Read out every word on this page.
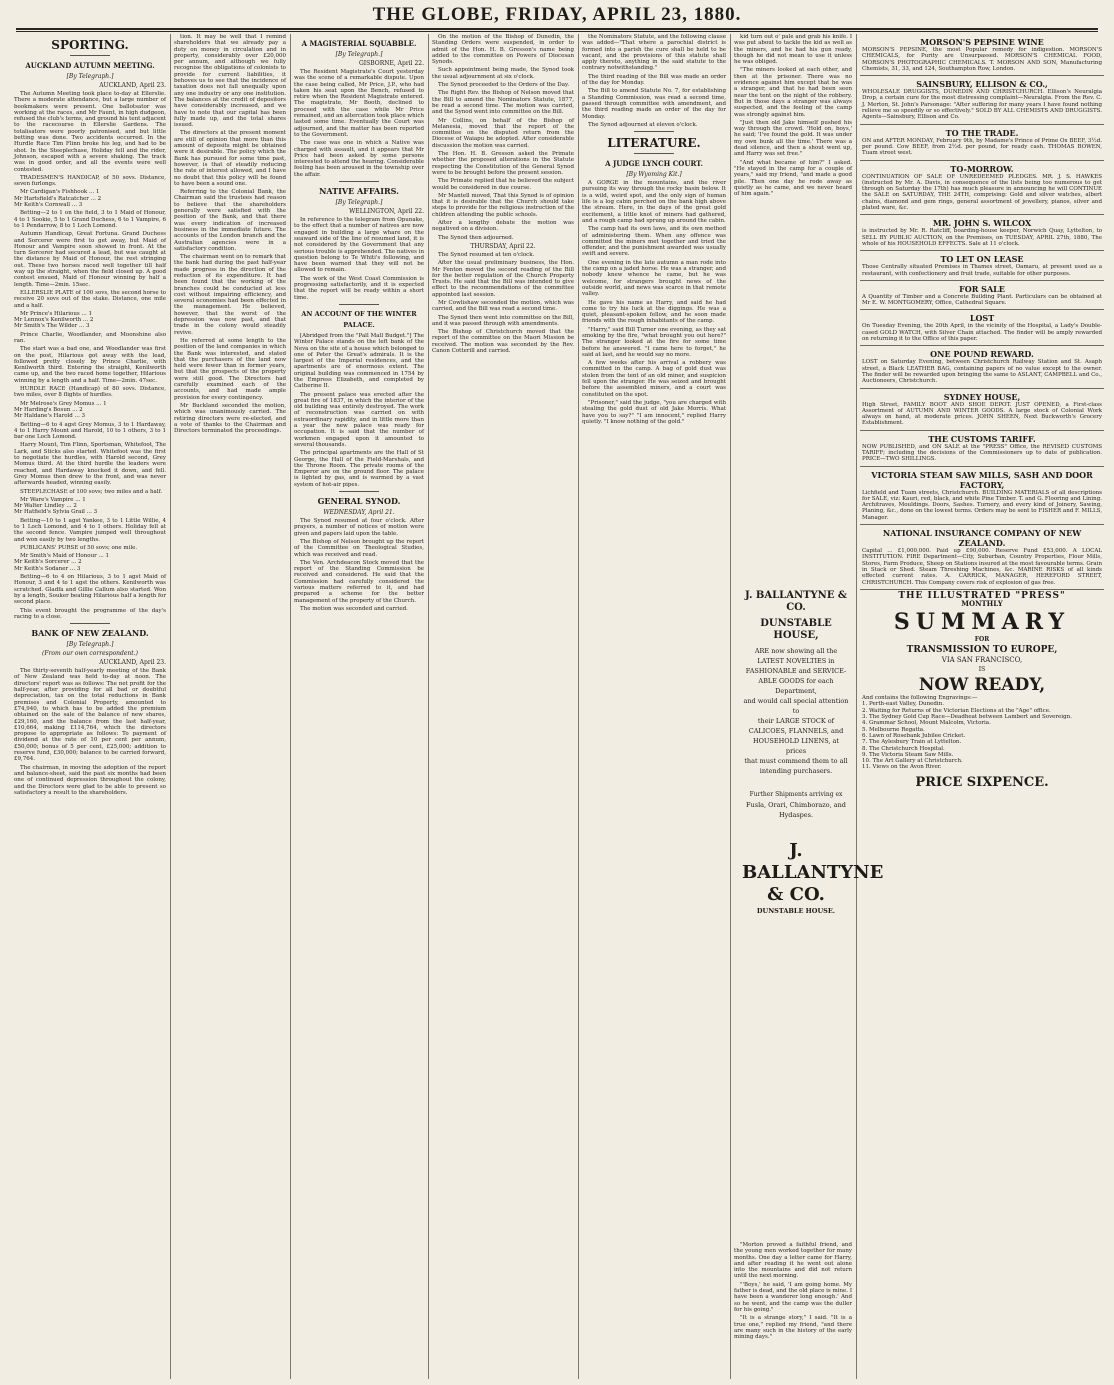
THE GLOBE, FRIDAY, APRIL 23, 1880.
SPORTING.
AUCKLAND AUTUMN MEETING.
[By Telegraph.]
AUCKLAND, April 23.
The Autumn Meeting took place to-day at Ellerslie. There a moderate attendance, but a large number of bookmakers were present. One ballotsator was working at the races, and Mr Faunt, in high dudgeon, refused the club's terms, and ground his tent adjacent to the racecourse in Ellerslie Gardens. The totalisators were poorly patronised, and but little betting was done. Two accidents occurred. In the Hurdle Race Tim Flinn broke his leg, and had to be shot. In the Steeplechase, Holiday fell and the rider, Johnson, escaped with a severe shaking. The track was in good order, and all the events were well contested.
TRADESMEN'S HANDICAP, of 50 sovs. Distance, seven furlongs.
Mr Cardigan's Fishhook ... 1
Mr Hartsfield's Ratcatcher ... 2
Mr Keith's Cornwall ... 3
Betting—2 to 1 on the field, 3 to 1 Maid of Honour, 4 to 1 Sookie, 5 to 1 Grand Duchess, 6 to 1 Vampire, 6 to 1 Pendarrow, 8 to 1 Loch Lomond.
Autumn Handicap, Great Fortuna. Grand Duchess and Sorcerer were first to get away, but Maid of Honour and Vampire soon showed in front. At the turn Sorcerer had secured a lead, but was caught at the distance by Maid of Honour, the rest stringing out. These two horses raced well together till half way up the straight, when the field closed up. A good contest ensued, Maid of Honour winning by half a length. Time—2min. 15sec.
ELLERSLIE PLATE of 100 sovs, the second horse to receive 20 sovs out of the stake. Distance, one mile and a half.
Mr Prince's Hilarious ... 1
Mr Lennox's Kenilworth ... 2
Mr Smith's The Wilder ... 3
Prince Charlie, Woodlander, and Moonshine also ran.
The start was a bad one, and Woodlander was first on the post, Hilarious got away with the lead, followed pretty closely by Prince Charlie, with Kenilworth third. Entering the straight, Kenilworth came up, and the two raced home together, Hilarious winning by a length and a half. Time—2min. 47sec.
HURDLE RACE (Handicap) of 80 sovs. Distance, two miles, over 8 flights of hurdles.
Mr Melrose's Grey Momus ... 1
Mr Harding's Bosun ... 2
Mr Haldane's Harold ... 3
Betting—6 to 4 agst Grey Momus, 3 to 1 Hardaway, 4 to 1 Harry Mount and Harold, 10 to 1 others, 3 to 1 bar one Loch Lomond.
Harry Mount, Tim Flinn, Sportsman, Whitefoot, The Lark, and Sticks also started. Whitefoot was the first to negotiate the hurdles, with Harold second, Grey Momus third. At the third hurdle the leaders were reached, and Hardaway knocked it down, and fell. Grey Momus then drew to the front, and was never afterwards headed, winning easily.
STEEPLECHASE of 100 sovs; two miles and a half.
Mr Ware's Vampire ... 1
Mr Walter Lindley ... 2
Mr Hatfield's Sylvia Grail ... 3
Betting—10 to 1 agst Yankee, 3 to 1 Little Willie, 4 to 1 Loch Lomond, and 4 to 1 others. Holiday fell at the second fence. Vampire jumped well throughout and won easily by two lengths.
PUBLICANS' PURSE of 50 sovs; one mile.
Mr Smith's Maid of Honour ... 1
Mr Keith's Sorcerer ... 2
Mr Keith's Sodaner ... 3
Betting—6 to 4 on Hilarious, 3 to 1 agst Maid of Honour, 3 and 4 to 1 agst the others. Kenilworth was scratched. Gladfa and Gillie Callum also started. Won by a length, Souker beating Hilarious half a length for second place.
This event brought the programme of the day's racing to a close.
BANK OF NEW ZEALAND.
[By Telegraph.]
(From our own correspondent.)
AUCKLAND, April 23.
The thirty-seventh half-yearly meeting of the Bank of New Zealand was held to-day at noon. The directors' report was as follows: The net profit for the half-year, after providing for all bad or doubtful depreciation, tax on the total reductions in Bank premises and Colonial Property, amounted to £74,940, to which has to be added the premium obtained on the sale of the balance of new shares, £29,160, and the balance from the last half-year, £10,664, making £114,764, which the directors propose to appropriate as follows: To payment of dividend at the rate of 10 per cent per annum, £50,000; bonus of 5 per cent, £25,000; addition to reserve fund, £30,000; balance to be carried forward, £9,764.
The chairman, in moving the adoption of the report and balance-sheet, said the past six months had been one of continued depression throughout the colony, and the Directors were glad to be able to present so satisfactory a result to the shareholders.
tion. It may be well that I remind shareholders that we already pay a duty on money in circulation and in property, considerably over £20,000 per annum, and although we fully recognise the obligations of colonists to provide for current liabilities, it behoves us to see that the incidence of taxation does not fall unequally upon any one industry or any one institution. The balances at the credit of depositors have considerably increased, and we have to note that our capital has been fully made up, and the total shares issued.
The directors at the present moment are still of opinion that more than this amount of deposits might be obtained were it desirable. The policy which the Bank has pursued for some time past, however, is that of steadily reducing the rate of interest allowed, and I have no doubt that this policy will be found to have been a sound one.
Referring to the Colonial Bank, the Chairman said the trustees had reason to believe that the shareholders generally were satisfied with the position of the Bank, and that there was every indication of increased business in the immediate future. The accounts of the London branch and the Australian agencies were in a satisfactory condition.
The chairman went on to remark that the bank had during the past half-year made progress in the direction of the reduction of its expenditure. It had been found that the working of the branches could be conducted at less cost without impairing efficiency, and several economies had been effected in the management. He believed, however, that the worst of the depression was now past, and that trade in the colony would steadily revive.
He referred at some length to the position of the land companies in which the Bank was interested, and stated that the purchasers of the land now held were fewer than in former years, but that the prospects of the property were still good. The Directors had carefully examined each of the accounts, and had made ample provision for every contingency.
Mr Buckland seconded the motion, which was unanimously carried. The retiring directors were re-elected, and a vote of thanks to the Chairman and Directors terminated the proceedings.
A MAGISTERIAL SQUABBLE.
[By Telegraph.]
GISBORNE, April 22.
The Resident Magistrate's Court yesterday was the scene of a remarkable dispute. Upon the case being called, Mr Price, J.P., who had taken his seat upon the Bench, refused to retire when the Resident Magistrate entered. The magistrate, Mr Booth, declined to proceed with the case while Mr Price remained, and an altercation took place which lasted some time. Eventually the Court was adjourned, and the matter has been reported to the Government.
The case was one in which a Native was charged with assault, and it appears that Mr Price had been asked by some persons interested to attend the hearing. Considerable feeling has been aroused in the township over the affair.
NATIVE AFFAIRS.
[By Telegraph.]
WELLINGTON, April 22.
In reference to the telegram from Opunake, to the effect that a number of natives are now engaged in building a large whare on the seaward side of the line of resumed land, it is not considered by the Government that any serious trouble is apprehended. The natives in question belong to Te Whiti's following, and have been warned that they will not be allowed to remain.
The work of the West Coast Commission is progressing satisfactorily, and it is expected that the report will be ready within a short time.
AN ACCOUNT OF THE WINTER PALACE.
[Abridged from the "Pall Mall Budget."] The Winter Palace stands on the left bank of the Neva on the site of a house which belonged to one of Peter the Great's admirals. It is the largest of the Imperial residences, and the apartments are of enormous extent. The original building was commenced in 1754 by the Empress Elizabeth, and completed by Catherine II.
The present palace was erected after the great fire of 1837, in which the interior of the old building was entirely destroyed. The work of reconstruction was carried on with extraordinary rapidity, and in little more than a year the new palace was ready for occupation. It is said that the number of workmen engaged upon it amounted to several thousands.
The principal apartments are the Hall of St George, the Hall of the Field-Marshals, and the Throne Room. The private rooms of the Emperor are on the ground floor. The palace is lighted by gas, and is warmed by a vast system of hot-air pipes.
GENERAL SYNOD.
WEDNESDAY, April 21.
The Synod resumed at four o'clock. After prayers, a number of notices of motion were given and papers laid upon the table.
The Bishop of Nelson brought up the report of the Committee on Theological Studies, which was received and read.
The Ven. Archdeacon Stock moved that the report of the Standing Commission be received and considered. He said that the Commission had carefully considered the various matters referred to it, and had prepared a scheme for the better management of the property of the Church.
The motion was seconded and carried.
On the motion of the Bishop of Dunedin, the Standing Orders were suspended, in order to admit of the Hon. H. B. Gresson's name being added to the committee on Powers of Diocesan Synods.
Such appointment being made, the Synod took the usual adjournment at six o'clock.
The Synod proceeded to the Orders of the Day.
The Right Rev. the Bishop of Nelson moved that the Bill to amend the Nominators Statute, 1877, be read a second time. The motion was carried, and the Synod went into committee on the Bill.
Mr Collins, on behalf of the Bishop of Melanesia, moved that the report of the committee on the disputed return from the Diocese of Waiapu be adopted. After considerable discussion the motion was carried.
The Hon. H. B. Gresson asked the Primate whether the proposed alterations in the Statute respecting the Constitution of the General Synod were to be brought before the present session.
The Primate replied that he believed the subject would be considered in due course.
Mr Mantell moved, That this Synod is of opinion that it is desirable that the Church should take steps to provide for the religious instruction of the children attending the public schools.
After a lengthy debate the motion was negatived on a division.
The Synod then adjourned.
THURSDAY, April 22.
The Synod resumed at ten o'clock.
After the usual preliminary business, the Hon. Mr Fenton moved the second reading of the Bill for the better regulation of the Church Property Trusts. He said that the Bill was intended to give effect to the recommendations of the committee appointed last session.
Mr Cowlishaw seconded the motion, which was carried, and the Bill was read a second time.
The Synod then went into committee on the Bill, and it was passed through with amendments.
The Bishop of Christchurch moved that the report of the committee on the Maori Mission be received. The motion was seconded by the Rev. Canon Cotterill and carried.
the Nominators Statute, and the following clause was added—"That where a parochial district is formed into a parish the cure shall be held to be vacant, and the provisions of this statute shall apply thereto, anything in the said statute to the contrary notwithstanding."
The third reading of the Bill was made an order of the day for Monday.
The Bill to amend Statute No. 7, for establishing a Standing Commission, was read a second time, passed through committee with amendment, and the third reading made an order of the day for Monday.
The Synod adjourned at eleven o'clock.
LITERATURE.
A JUDGE LYNCH COURT.
[By Wyoming Kit.]
A GORGE in the mountains, and the river pursuing its way through the rocky basin below. It is a wild, weird spot, and the only sign of human life is a log cabin perched on the bank high above the stream. Here, in the days of the great gold excitement, a little knot of miners had gathered, and a rough camp had sprung up around the cabin.
The camp had its own laws, and its own method of administering them. When any offence was committed the miners met together and tried the offender, and the punishment awarded was usually swift and severe.
One evening in the late autumn a man rode into the camp on a jaded horse. He was a stranger, and nobody knew whence he came, but he was welcome, for strangers brought news of the outside world, and news was scarce in that remote valley.
He gave his name as Harry, and said he had come to try his luck at the diggings. He was a quiet, pleasant-spoken fellow, and he soon made friends with the rough inhabitants of the camp.
"Harry," said Bill Turner one evening, as they sat smoking by the fire, "what brought you out here?" The stranger looked at the fire for some time before he answered. "I came here to forget," he said at last, and he would say no more.
A few weeks after his arrival a robbery was committed in the camp. A bag of gold dust was stolen from the tent of an old miner, and suspicion fell upon the stranger. He was seized and brought before the assembled miners, and a court was constituted on the spot.
"Prisoner," said the judge, "you are charged with stealing the gold dust of old Jake Morris. What have you to say?" "I am innocent," replied Harry quietly. "I know nothing of the gold."
kid turn out o' pale and grab his knife. I was put about to tackle the kid as well as the miners, and he had his gun ready, though he did not mean to use it unless he was obliged.
"The miners looked at each other, and then at the prisoner. There was no evidence against him except that he was a stranger, and that he had been seen near the tent on the night of the robbery. But in those days a stranger was always suspected, and the feeling of the camp was strongly against him.
"Just then old Jake himself pushed his way through the crowd. 'Hold on, boys,' he said; 'I've found the gold. It was under my own bunk all the time.' There was a dead silence, and then a shout went up, and Harry was set free."
"And what became of him?" I asked. "He stayed in the camp for a couple of years," said my friend, "and made a good pile. Then one day he rode away as quietly as he came, and we never heard of him again."
"Morton proved a faithful friend, and the young men worked together for many months. One day a letter came for Harry, and after reading it he went out alone into the mountains and did not return until the next morning.
"'Boys,' he said, 'I am going home. My father is dead, and the old place is mine. I have been a wanderer long enough.' And so he went, and the camp was the duller for his going."
"It is a strange story," I said. "It is a true one," replied my friend, "and there are many such in the history of the early mining days."
J. BALLANTYNE & CO.
DUNSTABLE HOUSE,
ARE now showing all the
LATEST NOVELTIES in
FASHIONABLE and SERVICE-
ABLE GOODS for each Department,
and would call special attention to
their LARGE STOCK of
CALICOES, FLANNELS, and
HOUSEHOLD LINENS, at prices
that must commend them to all
intending purchasers.
Further Shipments arriving ex
Fusla, Orari, Chimborazo, and
Hydaspes.
J. BALLANTYNE & CO.
DUNSTABLE HOUSE.
MORSON'S PEPSINE WINE
MORSON'S PEPSINE, the most Popular remedy for indigestion. MORSON'S CHEMICALS, for Purity are Unsurpassed. MORSON'S CHEMICAL FOOD, MORSON'S PHOTOGRAPHIC CHEMICALS. T. MORSON AND SON, Manufacturing Chemists, 31, 33, and 124, Southampton Row, London.
SAINSBURY, ELLISON & CO.,
WHOLESALE DRUGGISTS, DUNEDIN AND CHRISTCHURCH. Ellison's Neuralgia Drop, a certain cure for the most distressing complaint—Neuralgia. From the Rev. C. J. Merton, St. John's Parsonage: "After suffering for many years I have found nothing relieve me so speedily or so effectively." SOLD BY ALL CHEMISTS AND DRUGGISTS. Agents—Sainsbury, Ellison and Co.
TO THE TRADE.
ON and AFTER MONDAY, February 9th, by Madame's Prince of Prime Ox BEEF, 3½d. per pound. Cow BEEF, from 2½d. per pound, for ready cash. THOMAS BOWEN, Tuam street west.
TO-MORROW.
CONTINUATION OF SALE OF UNREDEEMED PLEDGES. MR. J. S. HAWKES (instructed by Mr. A. Davis, in consequence of the lists being too numerous to get through on Saturday the 17th) has much pleasure in announcing he will CONTINUE the SALE on SATURDAY, THE 24TH, comprising: Gold and silver watches, albert chains, diamond and gem rings, general assortment of jewellery, pianos, silver and plated ware, &c.
MR. JOHN S. WILCOX
is instructed by Mr. R. Ratcliff, boarding-house keeper, Norwich Quay, Lyttelton, to SELL BY PUBLIC AUCTION, on the Premises, on TUESDAY, APRIL 27th, 1880, The whole of his HOUSEHOLD EFFECTS. Sale at 11 o'clock.
TO LET ON LEASE
Those Centrally situated Premises in Thames street, Oamaru, at present used as a restaurant, with confectionery and fruit trade, suitable for other purposes.
FOR SALE
A Quantity of Timber and a Concrete Building Plant. Particulars can be obtained at Mr E. W. MONTGOMERY, Office, Cathedral Square.
LOST
On Tuesday Evening, the 20th April, in the vicinity of the Hospital, a Lady's Double-cased GOLD WATCH, with Silver Chain attached. The finder will be amply rewarded on returning it to the Office of this paper.
ONE POUND REWARD.
LOST on Saturday Evening, between Christchurch Railway Station and St. Asaph street, a Black LEATHER BAG, containing papers of no value except to the owner. The finder will be rewarded upon bringing the same to ASLANT, CAMPBELL and Co., Auctioneers, Christchurch.
SYDNEY HOUSE,
High Street, FAMILY BOOT AND SHOE DEPOT. JUST OPENED, a First-class Assortment of AUTUMN AND WINTER GOODS. A large stock of Colonial Work always on hand, at moderate prices. JOHN SHEEN, Next Buckworth's Grocery Establishment.
THE CUSTOMS TARIFF.
NOW PUBLISHED, and ON SALE at the "PRESS" Office, the REVISED CUSTOMS TARIFF; including the decisions of the Commissioners up to date of publication. PRICE—TWO SHILLINGS.
VICTORIA STEAM SAW MILLS, SASH AND DOOR FACTORY,
Lichfield and Tuam streets, Christchurch. BUILDING MATERIALS of all descriptions for SALE, viz: Kauri, red, black, and white Pine Timber. T. and G. Flooring and Lining. Architraves, Mouldings. Doors, Sashes. Turnery, and every kind of Joinery, Sawing, Planing, &c., done on the lowest terms. Orders may be sent to FISHER and F. MILLS, Manager.
NATIONAL INSURANCE COMPANY OF NEW ZEALAND.
Capital ... £1,000,000. Paid up £90,000. Reserve Fund £53,000. A LOCAL INSTITUTION. FIRE Department—City, Suburban, Country Properties, Flour Mills, Stores, Farm Produce, Sheep on Stations insured at the most favourable terms. Grain in Stack or Shed. Steam Threshing Machines, &c. MARINE RISKS of all kinds effected current rates. A. CARRICK, MANAGER, HEREFORD STREET, CHRISTCHURCH. This Company covers risk of explosion of gas free.
THE ILLUSTRATED "PRESS"
MONTHLY
SUMMARY
FOR
TRANSMISSION TO EUROPE,
VIA SAN FRANCISCO,
IS
NOW READY,
And contains the following Engravings:—
1. Perth-east Valley, Dunedin.
2. Waiting for Returns of the Victorian Elections at the "Age" office.
3. The Sydney Gold Cup Race—Deadheat between Lambert and Sovereign.
4. Grammar School, Mount Malcolm, Victoria.
5. Melbourne Regatta.
6. Lawn of Rosebank Jubilee Cricket.
7. The Aylesbury Train at Lyttelton.
8. The Christchurch Hospital.
9. The Victoria Steam Saw Mills.
10. The Art Gallery at Christchurch.
11. Views on the Avon River.
PRICE SIXPENCE.
